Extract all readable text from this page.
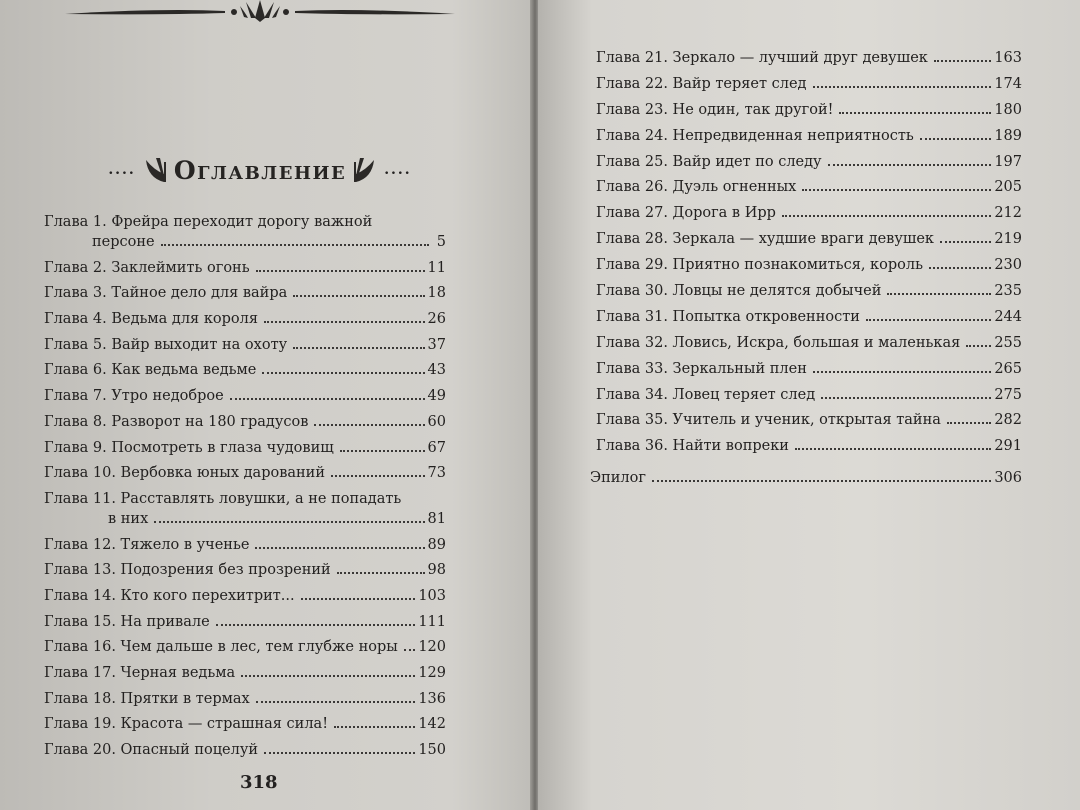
.... Оглавление	....
Глава 1. Фрейра переходит дорогу важной
персоне	5
Глава 2. Заклеймить огонь	11
Глава 3. Тайное дело для вайра	18
Глава 4. Ведьма для короля	26
Глава 5. Вайр выходит на охоту	37
Глава 6. Как ведьма ведьме	43
Глава 7. Утро недоброе	49
Глава 8. Разворот на 180 градусов	60
Глава 9. Посмотреть в глаза чудовищ	67
Глава 10. Вербовка юных дарований	73
Глава 11. Расставлять ловушки, а не попадать
в них	81
Глава 12. Тяжело в ученье	89
Глава 13. Подозрения без прозрений	98
Глава 14. Кто кого перехитрит...	103
Глава 15. На привале	111
Глава 16. Чем дальше в лес, тем глубже норы 120
Глава 17. Черная ведьма	129
Глава 18. Прятки в термах	136
Глава 19. Красота — страшная сила!	142
Глава 20. Опасный поцелуй	150
318
Глава 21. Зеркало — лучший друг девушек	163
Глава 22. Вайр теряет след	174
Глава 23. Не один, так другой!	180
Глава 24. Непредвиденная неприятность	189
Глава 25. Вайр идет по следу	197
Глава 26. Дуэль огненных	205
Глава 27. Дорога в Ирр	212
Глава 28. Зеркала — худшие враги девушек	219
Глава 29. Приятно познакомиться, король	230
Глава 30. Ловцы не делятся добычей	235
Глава 31. Попытка откровенности	244
Глава 32. Ловись, Искра, большая и маленькая 255
Глава 33. Зеркальный плен	265
Глава 34. Ловец теряет след	275
Глава 35. Учитель и ученик, открытая тайна	282
Глава 36. Найти вопреки	291
Эпилог	306
